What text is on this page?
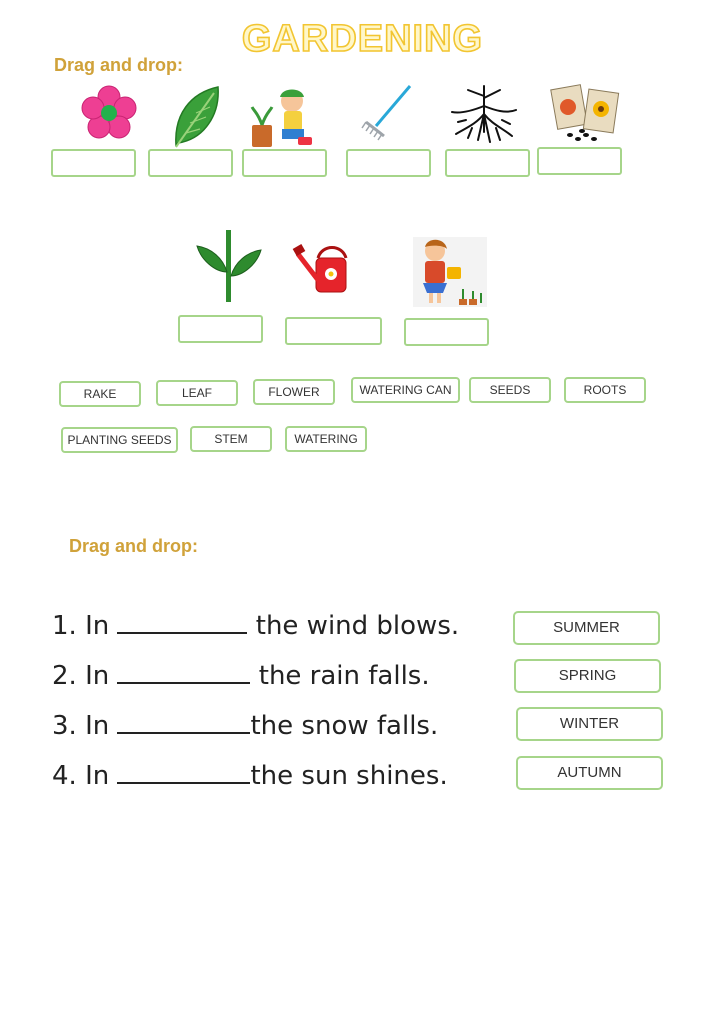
GARDENING
Drag and drop:
RAKE	LEAF	FLOWER	WATERING CAN	SEEDS	ROOTS
PLANTING SEEDS	STEM	WATERING
Drag and drop:
1. In	the wind blows.
2. In	the rain falls.
3. In	the snow falls.
4. In	the sun shines.
SUMMER
SPRING
WINTER
AUTUMN
